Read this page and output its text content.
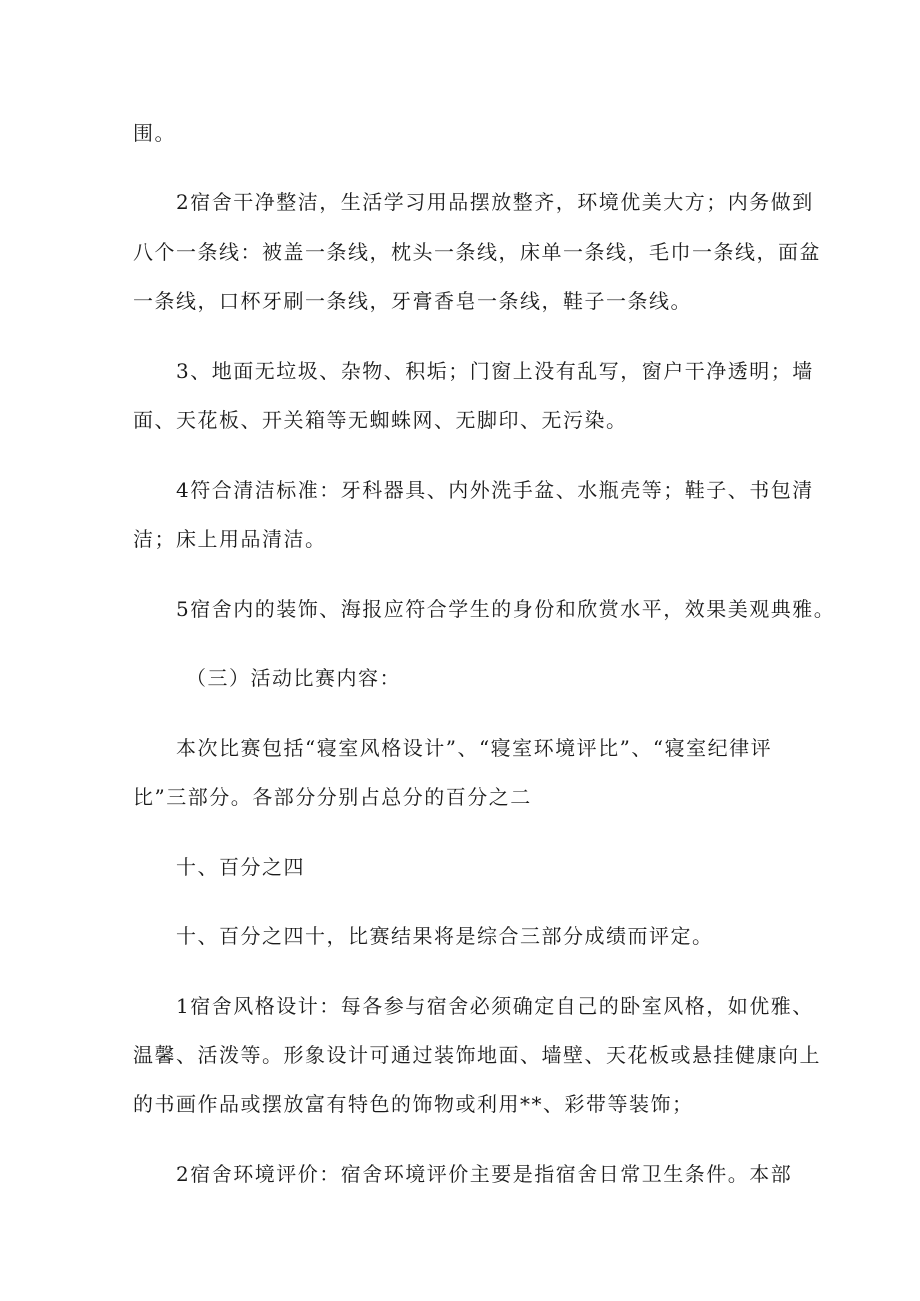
围。

2宿舍干净整洁，生活学习用品摆放整齐，环境优美大方；内务做到

八个一条线：被盖一条线，枕头一条线，床单一条线，毛巾一条线，面盆

一条线，口杯牙刷一条线，牙膏香皂一条线，鞋子一条线。

3、地面无垃圾、杂物、积垢；门窗上没有乱写，窗户干净透明；墙

面、天花板、开关箱等无蜘蛛网、无脚印、无污染。

4符合清洁标准：牙科器具、内外洗手盆、水瓶壳等；鞋子、书包清

洁；床上用品清洁。

5宿舍内的装饰、海报应符合学生的身份和欣赏水平，效果美观典雅。

（三）活动比赛内容：

本次比赛包括“寝室风格设计”、“寝室环境评比”、“寝室纪律评

比”三部分。各部分分别占总分的百分之二

十、百分之四

十、百分之四十，比赛结果将是综合三部分成绩而评定。

1宿舍风格设计：每各参与宿舍必须确定自己的卧室风格，如优雅、

温馨、活泼等。形象设计可通过装饰地面、墙壁、天花板或悬挂健康向上

的书画作品或摆放富有特色的饰物或利用**、彩带等装饰；

2宿舍环境评价：宿舍环境评价主要是指宿舍日常卫生条件。本部
